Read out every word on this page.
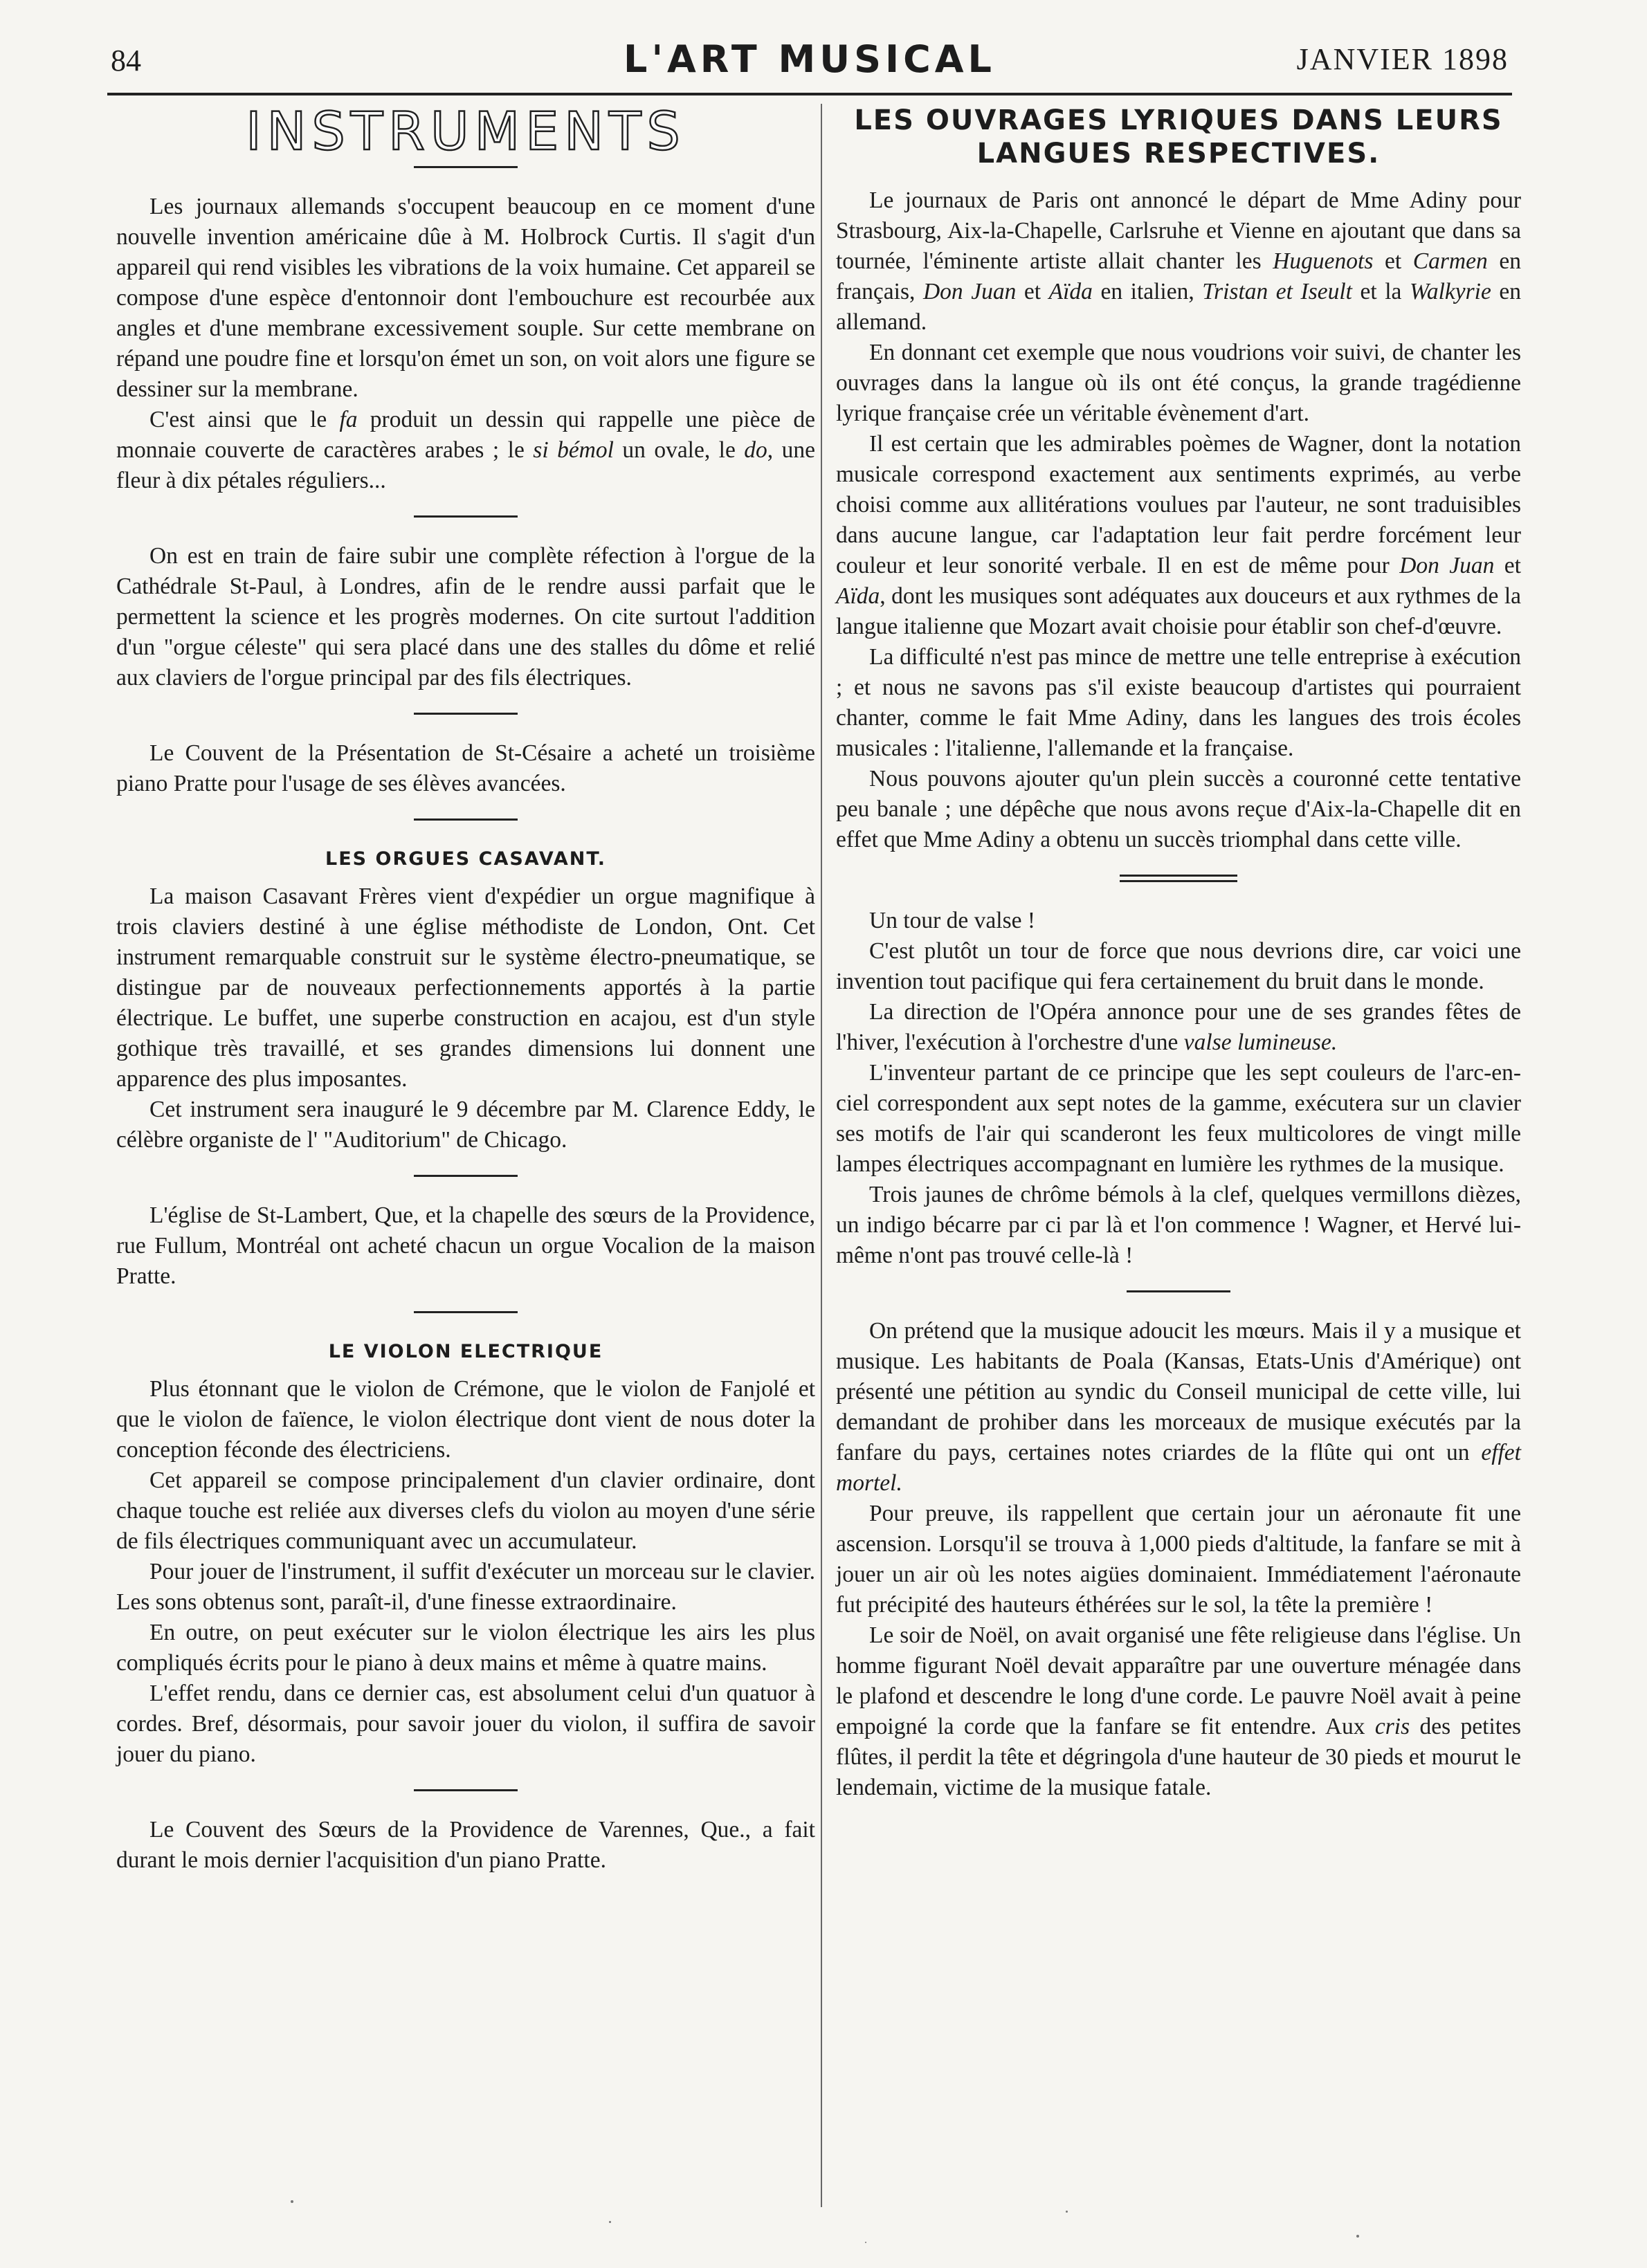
84	L'ART MUSICAL	JANVIER 1898
INSTRUMENTS

Les journaux allemands s'occupent beaucoup en ce moment d'une nouvelle invention américaine dûe à M. Holbrock Curtis. Il s'agit d'un appareil qui rend visibles les vibrations de la voix humaine. Cet appareil se compose d'une espèce d'entonnoir dont l'embouchure est recourbée aux angles et d'une membrane excessivement souple. Sur cette membrane on répand une poudre fine et lorsqu'on émet un son, on voit alors une figure se dessiner sur la membrane.

C'est ainsi que le fa produit un dessin qui rappelle une pièce de monnaie couverte de caractères arabes ; le si bémol un ovale, le do, une fleur à dix pétales réguliers...

On est en train de faire subir une complète réfection à l'orgue de la Cathédrale St-Paul, à Londres, afin de le rendre aussi parfait que le permettent la science et les progrès modernes. On cite surtout l'addition d'un "orgue céleste" qui sera placé dans une des stalles du dôme et relié aux claviers de l'orgue principal par des fils électriques.

Le Couvent de la Présentation de St-Césaire a acheté un troisième piano Pratte pour l'usage de ses élèves avancées.

LES ORGUES CASAVANT.

La maison Casavant Frères vient d'expédier un orgue magnifique à trois claviers destiné à une église méthodiste de London, Ont. Cet instrument remarquable construit sur le système électro-pneumatique, se distingue par de nouveaux perfectionnements apportés à la partie électrique. Le buffet, une superbe construction en acajou, est d'un style gothique très travaillé, et ses grandes dimensions lui donnent une apparence des plus imposantes.

Cet instrument sera inauguré le 9 décembre par M. Clarence Eddy, le célèbre organiste de l' "Auditorium" de Chicago.

L'église de St-Lambert, Que, et la chapelle des sœurs de la Providence, rue Fullum, Montréal ont acheté chacun un orgue Vocalion de la maison Pratte.

LE VIOLON ELECTRIQUE

Plus étonnant que le violon de Crémone, que le violon de Fanjolé et que le violon de faïence, le violon électrique dont vient de nous doter la conception féconde des électriciens.

Cet appareil se compose principalement d'un clavier ordinaire, dont chaque touche est reliée aux diverses clefs du violon au moyen d'une série de fils électriques communiquant avec un accumulateur.

Pour jouer de l'instrument, il suffit d'exécuter un morceau sur le clavier. Les sons obtenus sont, paraît-il, d'une finesse extraordinaire.

En outre, on peut exécuter sur le violon électrique les airs les plus compliqués écrits pour le piano à deux mains et même à quatre mains.

L'effet rendu, dans ce dernier cas, est absolument celui d'un quatuor à cordes. Bref, désormais, pour savoir jouer du violon, il suffira de savoir jouer du piano.

Le Couvent des Sœurs de la Providence de Varennes, Que., a fait durant le mois dernier l'acquisition d'un piano Pratte.

LES OUVRAGES LYRIQUES DANS LEURS LANGUES RESPECTIVES.

Le journaux de Paris ont annoncé le départ de Mme Adiny pour Strasbourg, Aix-la-Chapelle, Carlsruhe et Vienne en ajoutant que dans sa tournée, l'éminente artiste allait chanter les Huguenots et Carmen en français, Don Juan et Aïda en italien, Tristan et Iseult et la Walkyrie en allemand.

En donnant cet exemple que nous voudrions voir suivi, de chanter les ouvrages dans la langue où ils ont été conçus, la grande tragédienne lyrique française crée un véritable évènement d'art.

Il est certain que les admirables poèmes de Wagner, dont la notation musicale correspond exactement aux sentiments exprimés, au verbe choisi comme aux allitérations voulues par l'auteur, ne sont traduisibles dans aucune langue, car l'adaptation leur fait perdre forcément leur couleur et leur sonorité verbale. Il en est de même pour Don Juan et Aïda, dont les musiques sont adéquates aux douceurs et aux rythmes de la langue italienne que Mozart avait choisie pour établir son chef-d'œuvre.

La difficulté n'est pas mince de mettre une telle entreprise à exécution ; et nous ne savons pas s'il existe beaucoup d'artistes qui pourraient chanter, comme le fait Mme Adiny, dans les langues des trois écoles musicales : l'italienne, l'allemande et la française.

Nous pouvons ajouter qu'un plein succès a couronné cette tentative peu banale ; une dépêche que nous avons reçue d'Aix-la-Chapelle dit en effet que Mme Adiny a obtenu un succès triomphal dans cette ville.

Un tour de valse !

C'est plutôt un tour de force que nous devrions dire, car voici une invention tout pacifique qui fera certainement du bruit dans le monde.

La direction de l'Opéra annonce pour une de ses grandes fêtes de l'hiver, l'exécution à l'orchestre d'une valse lumineuse.

L'inventeur partant de ce principe que les sept couleurs de l'arc-en-ciel correspondent aux sept notes de la gamme, exécutera sur un clavier ses motifs de l'air qui scanderont les feux multicolores de vingt mille lampes électriques accompagnant en lumière les rythmes de la musique.

Trois jaunes de chrôme bémols à la clef, quelques vermillons dièzes, un indigo bécarre par ci par là et l'on commence ! Wagner, et Hervé lui-même n'ont pas trouvé celle-là !

On prétend que la musique adoucit les mœurs. Mais il y a musique et musique. Les habitants de Poala (Kansas, Etats-Unis d'Amérique) ont présenté une pétition au syndic du Conseil municipal de cette ville, lui demandant de prohiber dans les morceaux de musique exécutés par la fanfare du pays, certaines notes criardes de la flûte qui ont un effet mortel.

Pour preuve, ils rappellent que certain jour un aéronaute fit une ascension. Lorsqu'il se trouva à 1,000 pieds d'altitude, la fanfare se mit à jouer un air où les notes aigües dominaient. Immédiatement l'aéronaute fut précipité des hauteurs éthérées sur le sol, la tête la première !

Le soir de Noël, on avait organisé une fête religieuse dans l'église. Un homme figurant Noël devait apparaître par une ouverture ménagée dans le plafond et descendre le long d'une corde. Le pauvre Noël avait à peine empoigné la corde que la fanfare se fit entendre. Aux cris des petites flûtes, il perdit la tête et dégringola d'une hauteur de 30 pieds et mourut le lendemain, victime de la musique fatale.
